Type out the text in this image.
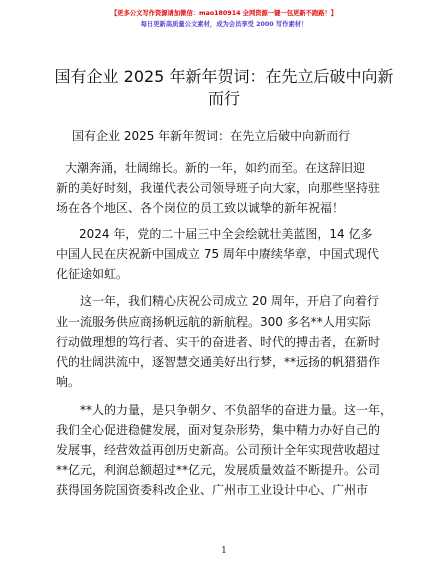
【更多公文写作资源请加微信：mao180914 全网资源一键一包更新不跑路！】
每日更新高质量公文素材，成为会员享受 2000 写作素材！
国有企业 2025 年新年贺词：在先立后破中向新
而行
国有企业 2025 年新年贺词：在先立后破中向新而行
大潮奔涌，壮阔绵长。新的一年，如约而至。在这辞旧迎
新的美好时刻，我谨代表公司领导班子向大家，向那些坚持驻
场在各个地区、各个岗位的员工致以诚挚的新年祝福！
2024 年，党的二十届三中全会绘就壮美蓝图，14 亿多
中国人民在庆祝新中国成立 75 周年中赓续华章，中国式现代
化征途如虹。
这一年，我们精心庆祝公司成立 20 周年，开启了向着行
业一流服务供应商扬帆远航的新航程。300 多名**人用实际
行动做理想的笃行者、实干的奋进者、时代的搏击者，在新时
代的壮阔洪流中，逐智慧交通美好出行梦，**远扬的帆猎猎作
响。
**人的力量，是只争朝夕、不负韶华的奋进力量。这一年，
我们全心促进稳健发展，面对复杂形势，集中精力办好自己的
发展事，经营效益再创历史新高。公司预计全年实现营收超过
**亿元，利润总额超过**亿元，发展质量效益不断提升。公司
获得国务院国资委科改企业、广州市工业设计中心、广州市
1
